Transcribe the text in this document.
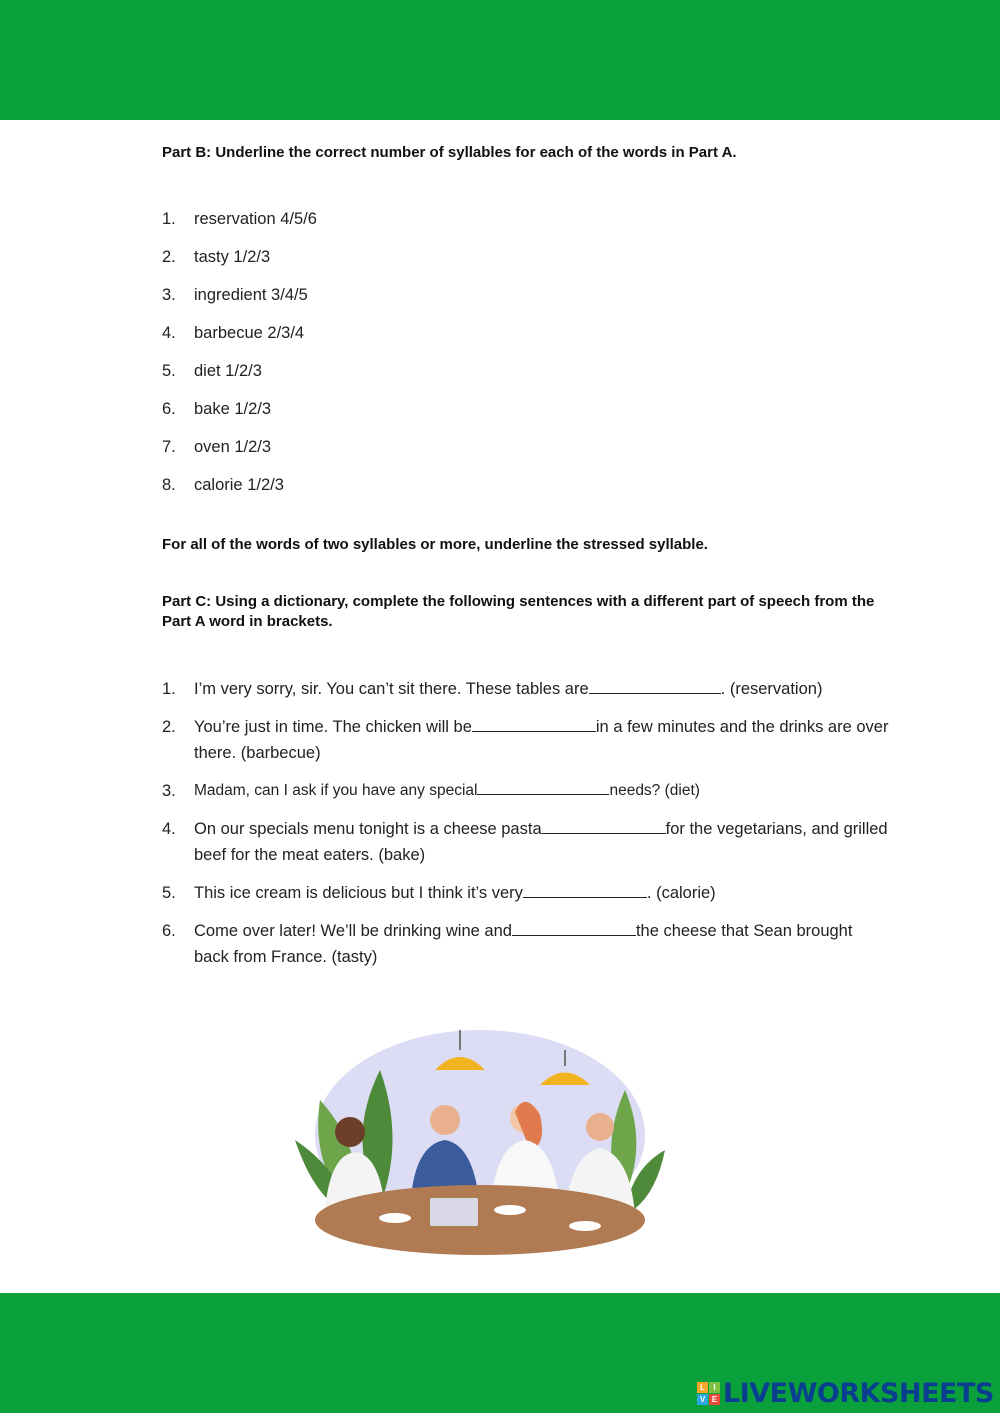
Part B: Underline the correct number of syllables for each of the words in Part A.
1.	reservation 4/5/6
2.	tasty 1/2/3
3.	ingredient 3/4/5
4.	barbecue 2/3/4
5.	diet 1/2/3
6.	bake 1/2/3
7.	oven 1/2/3
8.	calorie 1/2/3
For all of the words of two syllables or more, underline the stressed syllable.
Part C: Using a dictionary, complete the following sentences with a different part of speech from the Part A word in brackets.
1.	I’m very sorry, sir. You can’t sit there. These tables are	. (reservation)
2.	You’re just in time. The chicken will be	in a few minutes and the drinks are over there. (barbecue)
3.	Madam, can I ask if you have any special	needs? (diet)
4.	On our specials menu tonight is a cheese pasta	for the vegetarians, and grilled beef for the meat eaters. (bake)
5.	This ice cream is delicious but I think it’s very	. (calorie)
6.	Come over later! We’ll be drinking wine and	the cheese that Sean brought back from France. (tasty)
L	I
V E LIVEWORKSHEETS
